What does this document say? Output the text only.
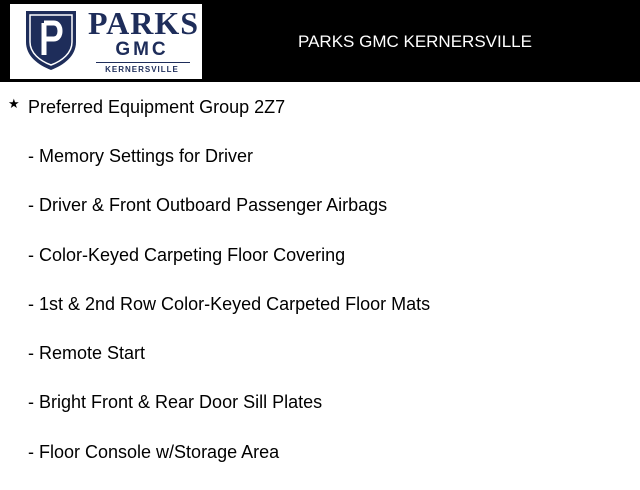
PARKS
GMC
KERNERSVILLE
PARKS GMC KERNERSVILLE
★ Preferred Equipment Group 2Z7
- Memory Settings for Driver
- Driver & Front Outboard Passenger Airbags
- Color-Keyed Carpeting Floor Covering
- 1st & 2nd Row Color-Keyed Carpeted Floor Mats
- Remote Start
- Bright Front & Rear Door Sill Plates
- Floor Console w/Storage Area
